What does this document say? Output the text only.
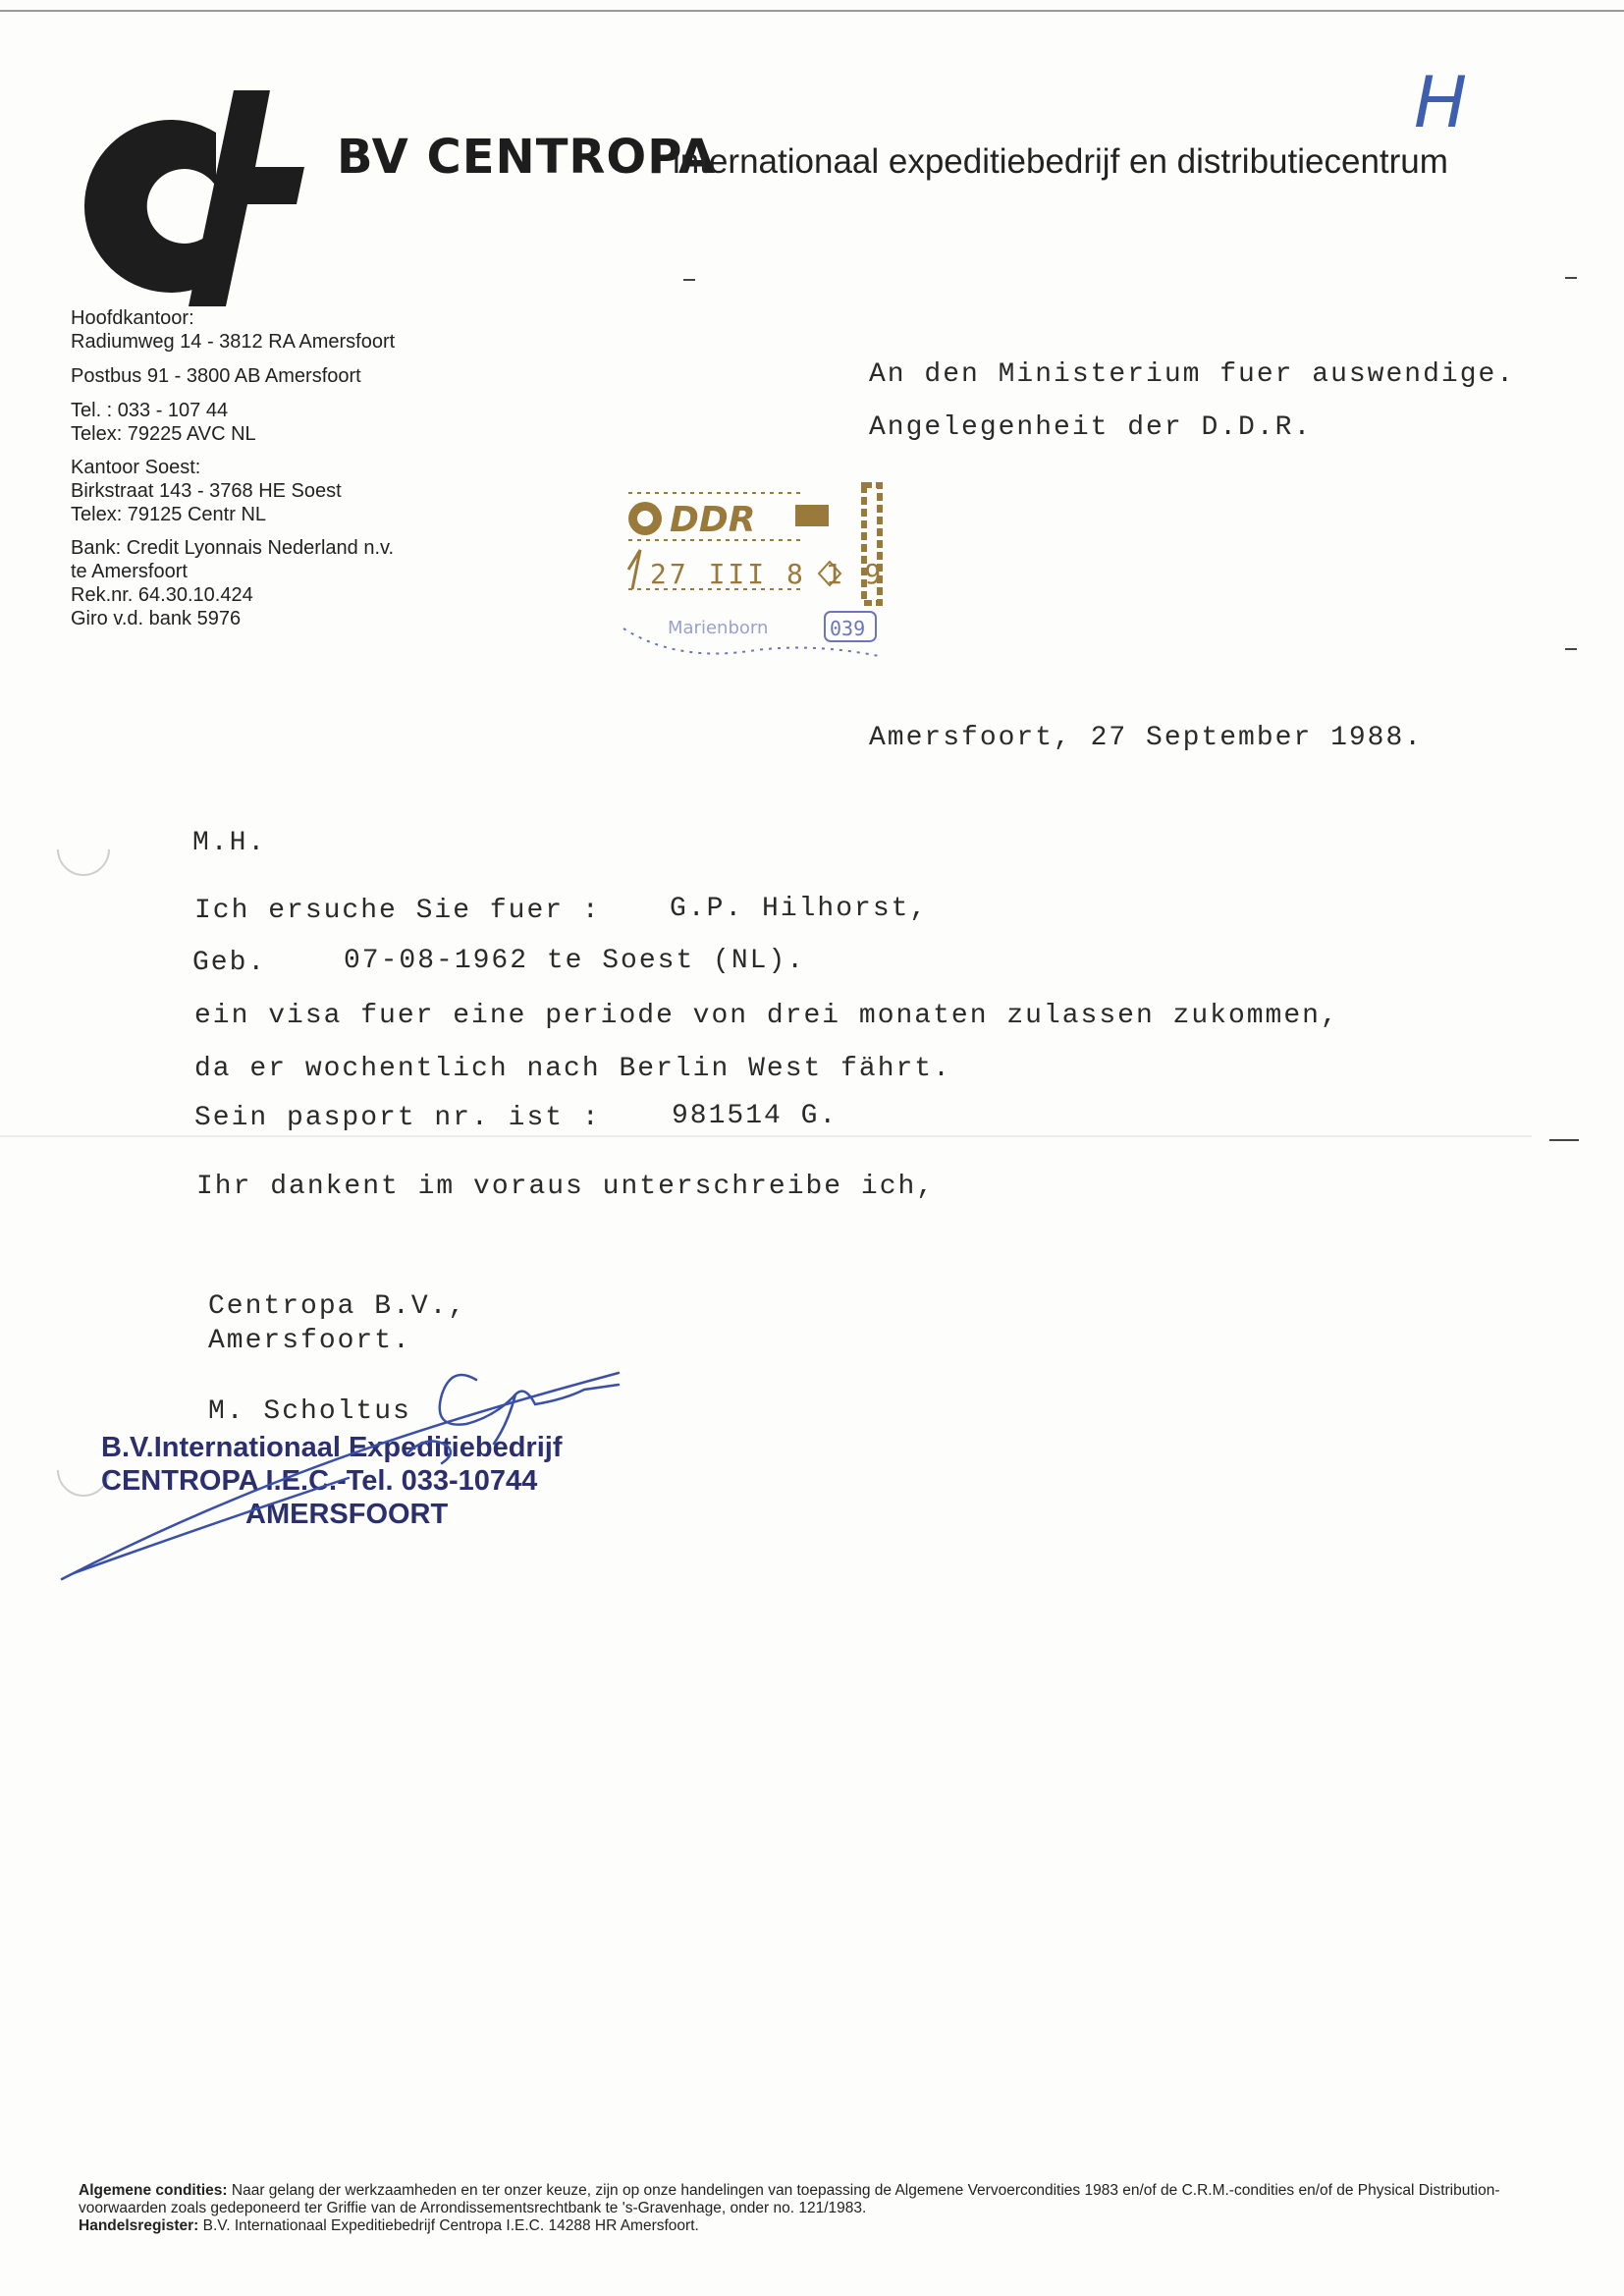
BV CENTROPA
internationaal expeditiebedrijf en distributiecentrum
H
Hoofdkantoor:
Radiumweg 14 - 3812 RA Amersfoort
Postbus 91 - 3800 AB Amersfoort
Tel. : 033 - 107 44
Telex: 79225 AVC NL
Kantoor Soest:
Birkstraat 143 - 3768 HE Soest
Telex: 79125 Centr NL
Bank: Credit Lyonnais Nederland n.v.
te Amersfoort
Rek.nr. 64.30.10.424
Giro v.d. bank 5976
An den Ministerium fuer auswendige.
Angelegenheit der D.D.R.
DDR
27 III 8 1 9
Marienborn	039
Amersfoort, 27 September 1988.
M.H.
Ich ersuche Sie fuer :	G.P. Hilhorst,
Geb.	07-08-1962 te Soest (NL).
ein visa fuer eine periode von drei monaten zulassen zukommen,
da er wochentlich nach Berlin West fährt.
Sein pasport nr. ist :	981514 G.
Ihr dankent im voraus unterschreibe ich,
Centropa B.V.,
Amersfoort.
M. Scholtus
B.V.Internationaal Expeditiebedrijf
CENTROPA I.E.C.-Tel. 033-10744
AMERSFOORT
Algemene condities: Naar gelang der werkzaamheden en ter onzer keuze, zijn op onze handelingen van toepassing de Algemene Vervoercondities 1983 en/of de C.R.M.-condities en/of de Physical Distribution-voorwaarden zoals gedeponeerd ter Griffie van de Arrondissementsrechtbank te 's-Gravenhage, onder no. 121/1983.
Handelsregister: B.V. Internationaal Expeditiebedrijf Centropa I.E.C. 14288 HR Amersfoort.
